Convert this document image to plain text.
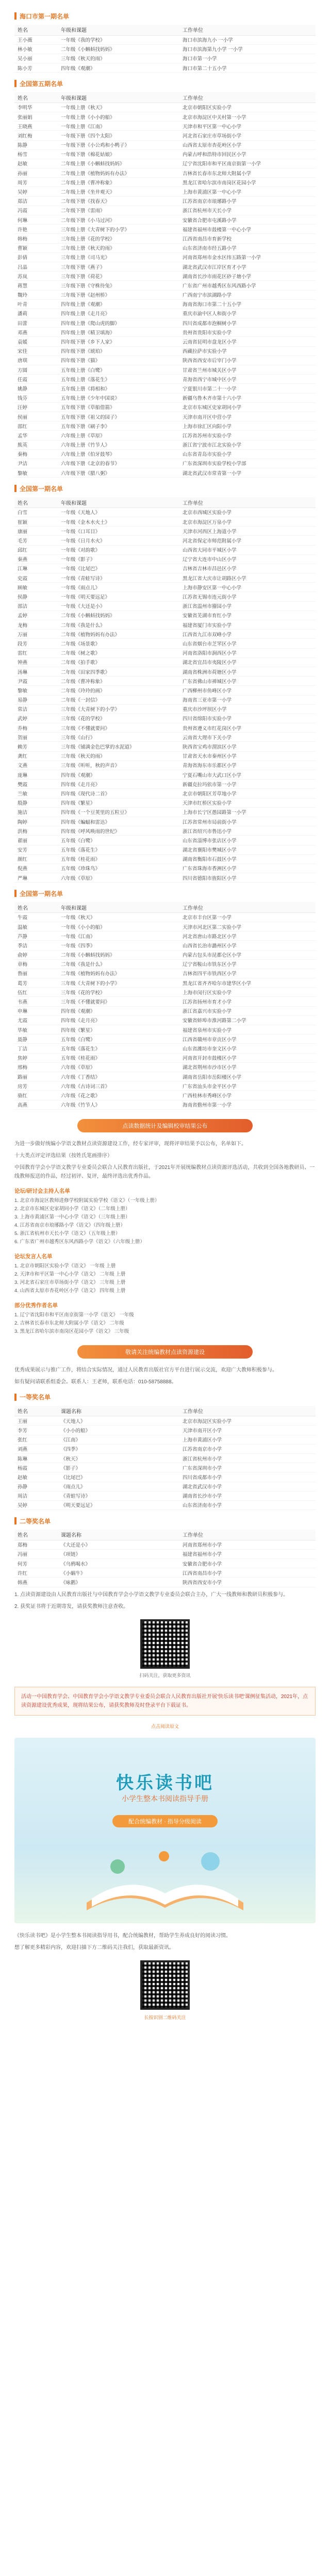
海口市第一期名单
姓名	年级和课题	工作单位
王小薇	一年级《我的学校》	海口市滨海九小 一小学
林小敏	二年级《小蝌蚪找妈妈》	海口市滨海第九小学 一小学
吴小丽	三年级《秋天的雨》	海口市第一小学
陈小芳	四年级《观潮》	海口市第二十五小学
全国第五期名单
姓名	年级和课题	工作单位
李明华	一年级上册《秋天》	北京市朝阳区实验小学
张丽娟	一年级上册《小小的船》	北京市海淀区中关村第一小学
王晓燕	一年级上册《江南》	天津市和平区第一中心小学
刘红梅	一年级下册《四个太阳》	河北省石家庄市草场街小学
陈静	一年级下册《小公鸡和小鸭子》	山西省太原市杏花岭区小学
杨雪	一年级下册《棉花姑娘》	内蒙古呼和浩特市回民区小学
赵敏	二年级上册《小蝌蚪找妈妈》	辽宁省沈阳市和平区南京街第一小学
孙丽	二年级上册《植物妈妈有办法》	吉林省长春市东北师大附属小学
周芳	二年级上册《曹冲称象》	黑龙江省哈尔滨市南岗区花园小学
吴婷	二年级上册《坐井观天》	上海市黄浦区第一中心小学
郑洁	二年级下册《找春天》	江苏省南京市琅琊路小学
冯霞	二年级下册《雷雨》	浙江省杭州市天长小学
何琳	二年级下册《小马过河》	安徽省合肥市屯溪路小学
许艳	三年级上册《大青树下的小学》	福建省福州市鼓楼第一中心小学
韩梅	三年级上册《花的学校》	江西省南昌市育新学校
曹颖	三年级上册《秋天的雨》	山东省济南市经五路小学
彭倩	三年级上册《司马光》	河南省郑州市金水区纬五路第一小学
吕晶	三年级下册《燕子》	湖北省武汉市江岸区育才小学
苏岚	三年级下册《荷花》	湖南省长沙市雨花区砂子塘小学
蒋慧	三年级下册《守株待兔》	广东省广州市越秀区东风西路小学
魏玲	三年级下册《赵州桥》	广西南宁市滨湖路小学
叶青	四年级上册《观潮》	海南省海口市第二十五小学
潘莉	四年级上册《走月亮》	重庆市渝中区人和街小学
田蕾	四年级上册《爬山虎的脚》	四川省成都市泡桐树小学
邓燕	四年级上册《精卫填海》	贵州省贵阳市实验小学
袁媛	四年级下册《乡下人家》	云南省昆明市盘龙区小学
宋佳	四年级下册《琥珀》	西藏拉萨市实验小学
唐琪	四年级下册《猫》	陕西省西安市后宰门小学
方圆	五年级上册《白鹭》	甘肃省兰州市城关区小学
任霞	五年级上册《落花生》	青海省西宁市城中区小学
姚静	五年级上册《将相和》	宁夏银川市第二十一小学
钱芬	五年级上册《少年中国说》	新疆乌鲁木齐市第十六小学
汪婷	五年级下册《草船借箭》	北京市东城区史家胡同小学
侯丽	五年级下册《祖父的园子》	天津市南开区中营小学
邵红	五年级下册《刷子李》	上海市徐汇区向阳小学
孟华	六年级上册《草原》	江苏省苏州市实验小学
熊英	六年级上册《竹节人》	浙江省宁波市江北实验小学
秦梅	六年级上册《伯牙鼓琴》	山东省青岛市实验小学
尹洁	六年级下册《北京的春节》	广东省深圳市实验学校小学部
黎敏	六年级下册《腊八粥》	湖北省武汉市常青第一小学
全国第一期名单
姓名	年级和课题	工作单位
白雪	一年级《天地人》	北京市西城区实验小学
崔颖	一年级《金木水火土》	北京市海淀区万泉小学
康丽	一年级《口耳目》	天津市河西区上海道小学
毛芳	一年级《日月水火》	河北省保定市师范附属小学
邱红	一年级《对韵歌》	山西省大同市平城区小学
秦燕	一年级《影子》	辽宁省大连市中山区小学
江琳	一年级《比尾巴》	吉林省吉林市昌邑区小学
史霞	一年级《青蛙写诗》	黑龙江省大庆市让胡路区小学
顾敏	一年级《雨点儿》	上海市静安区第一中心小学
侯静	一年级《明天要远足》	江苏省无锡市连元街小学
邵洁	一年级《大还是小》	浙江省温州市籀园小学
孟婷	二年级《小蝌蚪找妈妈》	安徽省芜湖市育红小学
龙梅	二年级《我是什么》	福建省厦门市实验小学
万丽	二年级《植物妈妈有办法》	江西省九江市双峰小学
段芳	二年级《场景歌》	山东省烟台市芝罘区小学
雷红	二年级《树之歌》	河南省洛阳市涧西区小学
钟燕	二年级《拍手歌》	湖北省宜昌市夷陵区小学
汤琳	二年级《田家四季歌》	湖南省株洲市荷塘区小学
尹霞	二年级《曹冲称象》	广东省佛山市禅城区小学
黎敏	二年级《玲玲的画》	广西柳州市鱼峰区小学
易静	二年级《一封信》	海南省三亚市第一小学
常洁	三年级《大青树下的小学》	重庆市沙坪坝区小学
武婷	三年级《花的学校》	四川省绵阳市实验小学
乔梅	三年级《不懂就要问》	贵州省遵义市红花岗区小学
贺丽	三年级《山行》	云南省大理市下关小学
赖芳	三年级《铺满金色巴掌的水泥道》	陕西省宝鸡市渭滨区小学
龚红	三年级《秋天的雨》	甘肃省天水市秦州区小学
文燕	三年级《听听，秋的声音》	青海省海东市乐都区小学
庞琳	四年级《观潮》	宁夏石嘴山市大武口区小学
樊霞	四年级《走月亮》	新疆克拉玛依市第一小学
兰敏	四年级《现代诗二首》	北京市朝阳区芳草地小学
殷静	四年级《繁星》	天津市红桥区实验小学
施洁	四年级《一个豆荚里的五粒豆》	上海市长宁区愚园路第一小学
陶婷	四年级《蝙蝠和雷达》	江苏省常州市局前街小学
洪梅	四年级《呼风唤雨的世纪》	浙江省绍兴市鲁迅小学
翟丽	五年级《白鹭》	山东省淄博市张店区小学
安芳	五年级《落花生》	湖北省襄阳市樊城区小学
颜红	五年级《桂花雨》	湖南省衡阳市石鼓区小学
倪燕	五年级《珍珠鸟》	广东省珠海市香洲区小学
严琳	六年级《草原》	四川省德阳市旌阳区小学
全国第一期名单
姓名	年级和课题	工作单位
牛霞	一年级《秋天》	北京市丰台区第一小学
温敏	一年级《小小的船》	天津市河北区第二实验小学
芦静	一年级《江南》	河北省唐山市路北区小学
季洁	一年级《四季》	山西省长治市潞州区小学
俞婷	二年级《小蝌蚪找妈妈》	内蒙古包头市昆都仑区小学
章梅	二年级《我是什么》	辽宁省鞍山市铁东区小学
鲁丽	二年级《植物妈妈有办法》	吉林省四平市铁西区小学
葛芳	三年级《大青树下的小学》	黑龙江省齐齐哈尔市建华区小学
伍红	三年级《花的学校》	上海市闵行区实验小学
韦燕	三年级《不懂就要问》	江苏省扬州市育才小学
申琳	四年级《观潮》	浙江省嘉兴市实验小学
尤霞	四年级《走月亮》	安徽省蚌埠市淮河路第二小学
毕敏	四年级《繁星》	福建省泉州市实验小学
聂静	五年级《白鹭》	江西省赣州市章贡区小学
丁洁	五年级《落花生》	山东省潍坊市奎文区小学
焦婷	五年级《桂花雨》	河南省开封市鼓楼区小学
邢梅	六年级《草原》	湖北省荆州市沙市区小学
路丽	六年级《丁香结》	湖南省岳阳市岳阳楼区小学
房芳	六年级《古诗词三首》	广东省汕头市金平区小学
骆红	六年级《花之歌》	广西桂林市秀峰区小学
高燕	六年级《竹节人》	海南省儋州市第一小学
点读数据统计及编辑校审结果公布

为进一步做好统编小学语文教材点读资源建设工作，经专家评审，现将评审结果予以公布，名单如下。

十大类点评定评选结果（按姓氏笔画排序）

中国教育学会小学语文教学专业委员会联合人民教育出版社，于2021年开展统编教材点读资源评选活动，共收到全国各地教研员、一线教师报送的作品，经过初评、复评，最终评选出优秀作品。

论坛/研讨会主持人名单
1. 北京市海淀区教师进修学校附属实验学校《语文》（一年级上册）
2. 北京市东城区史家胡同小学《语文》（二年级上册）
3. 上海市黄浦区第一中心小学《语文》（三年级上册）
4. 江苏省南京市琅琊路小学《语文》（四年级上册）
5. 浙江省杭州市天长小学《语文》（五年级上册）
6. 广东省广州市越秀区东风西路小学《语文》（六年级上册）
论坛发言人名单
1. 北京市朝阳区实验小学《语文》 一年级 上册
2. 天津市和平区第一中心小学《语文》 二年级 上册
3. 河北省石家庄市草场街小学《语文》 三年级 上册
4. 山西省太原市杏花岭区小学《语文》 四年级 上册
部分优秀作者名单
1. 辽宁省沈阳市和平区南京街第一小学《语文》 一年级
2. 吉林省长春市东北师大附属小学《语文》 二年级
3. 黑龙江省哈尔滨市南岗区花园小学《语文》 三年级
敬请关注统编教材点读资源建设

优秀成果展示与推广工作，将结合实际情况，通过人民教育出版社官方平台进行展示交流，欢迎广大教师积极参与。

如有疑问请联系组委会。联系人：王老师，联系电话：010-58758888。

一等奖名单
姓名	课题名称	工作单位
王丽	《天地人》	北京市海淀区实验小学
李芳	《小小的船》	天津市南开区小学
张红	《江南》	上海市黄浦区小学
刘燕	《四季》	江苏省南京市小学
陈琳	《秋天》	浙江省杭州市小学
杨霞	《影子》	广东省深圳市小学
赵敏	《比尾巴》	四川省成都市小学
孙静	《雨点儿》	湖北省武汉市小学
周洁	《青蛙写诗》	湖南省长沙市小学
吴婷	《明天要远足》	山东省济南市小学
二等奖名单
姓名	课题名称	工作单位
郑梅	《大还是小》	河南省郑州市小学
冯丽	《项链》	福建省福州市小学
何芳	《乌鸦喝水》	安徽省合肥市小学
许红	《小蜗牛》	江西省南昌市小学
韩燕	《咏鹅》	陕西省西安市小学

1. 点读资源建设由人民教育出版社与中国教育学会小学语文教学专业委员会联合主办，广大一线教师和教研员积极参与。

2. 获奖证书将于近期寄发，请获奖教师注意查收。

扫码关注，获取更多资讯

活动一中国教育学会、中国教育学会小学语文教学专业委员会联合人民教育出版社开展'快乐读书吧'课例征集活动，2021年，点读资源建设优秀成果，现将结果公布，请获奖教师及时登录平台下载证书。

点击阅读原文
快乐读书吧
小学生整本书阅读指导手册
配合统编教材 · 指导分级阅读

《快乐读书吧》是小学生整本书阅读指导用书，配合统编教材，帮助学生养成良好的阅读习惯。

想了解更多精彩内容，欢迎扫描下方二维码关注我们，获取最新资讯。

长按识别二维码关注
